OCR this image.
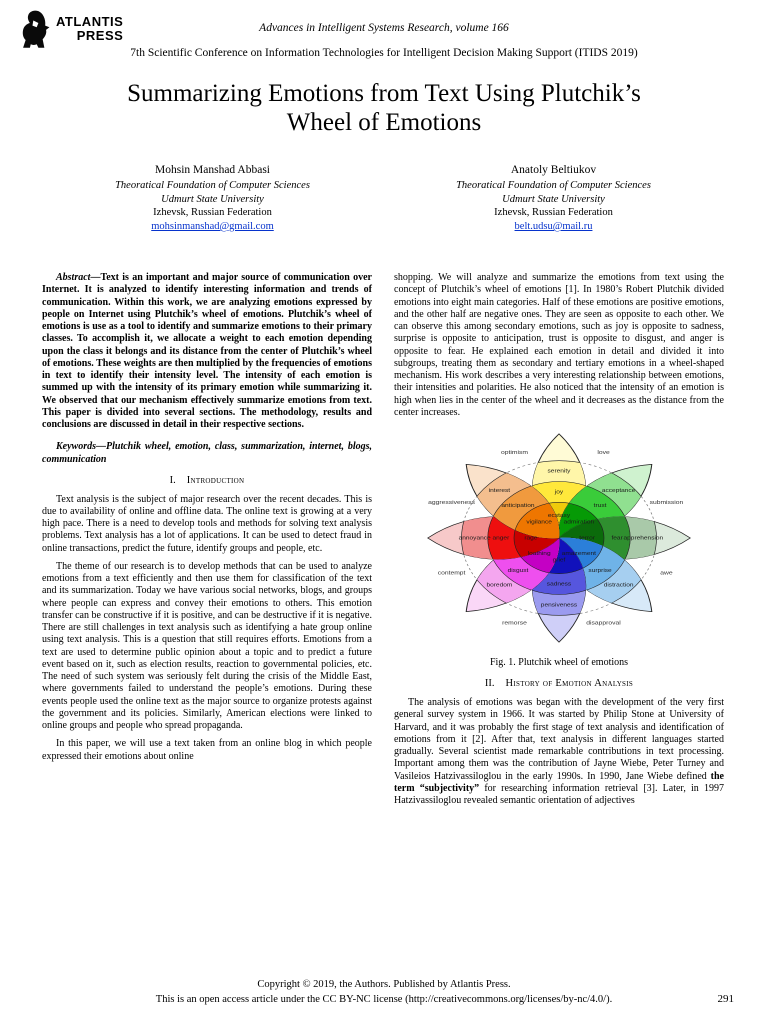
ATLANTIS
PRESS	Advances in Intelligent Systems Research, volume 166
7th Scientific Conference on Information Technologies for Intelligent Decision Making Support (ITIDS 2019)
Summarizing Emotions from Text Using Plutchik’s
Wheel of Emotions
Mohsin Manshad Abbasi
Theoratical Foundation of Computer Sciences
Udmurt State University
Izhevsk, Russian Federation
mohsinmanshad@gmail.com
Anatoly Beltiukov
Theoratical Foundation of Computer Sciences
Udmurt State University
Izhevsk, Russian Federation
belt.udsu@mail.ru

Abstract—Text is an important and major source of communication over Internet. It is analyzed to identify interesting information and trends of communication. Within this work, we are analyzing emotions expressed by people on Internet using Plutchik’s wheel of emotions. Plutchik’s wheel of emotions is use as a tool to identify and summarize emotions to their primary classes. To accomplish it, we allocate a weight to each emotion depending upon the class it belongs and its distance from the center of Plutchik’s wheel of emotions. These weights are then multiplied by the frequencies of emotions in text to identify their intensity level. The intensity of each emotion is summed up with the intensity of its primary emotion while summarizing it. We observed that our mechanism effectively summarize emotions from text. This paper is divided into several sections. The methodology, results and conclusions are discussed in detail in their respective sections.

Keywords—Plutchik wheel, emotion, class, summarization, internet, blogs, communication

I. Introduction

Text analysis is the subject of major research over the recent decades. This is due to availability of online and offline data. The online text is growing at a very high pace. There is a need to develop tools and methods for solving text analysis problems. Text analysis has a lot of applications. It can be used to detect fraud in online transactions, predict the future, identify groups and people, etc.

The theme of our research is to develop methods that can be used to analyze emotions from a text efficiently and then use them for classification of the text and its summarization. Today we have various social networks, blogs, and groups where people can express and convey their emotions to others. This emotion transfer can be constructive if it is positive, and can be destructive if it is negative. There are still challenges in text analysis such as identifying a hate group online using text analysis. This is a question that still requires efforts. Emotions from a text are used to determine public opinion about a topic and to predict a future event based on it, such as election results, reaction to governmental policies, etc. The need of such system was seriously felt during the crisis of the Middle East, where governments failed to understand the people’s emotions. During these events people used the online text as the major source to organize protests against the government and its policies. Similarly, American elections were linked to online groups and people who spread propaganda.

In this paper, we will use a text taken from an online blog in which people expressed their emotions about online

shopping. We will analyze and summarize the emotions from text using the concept of Plutchik’s wheel of emotions [1]. In 1980’s Robert Plutchik divided emotions into eight main categories. Half of these emotions are positive emotions, and the other half are negative ones. They are seen as opposite to each other. We can observe this among secondary emotions, such as joy is opposite to sadness, surprise is opposite to anticipation, trust is opposite to disgust, and anger is opposite to fear. He explained each emotion in detail and divided it into subgroups, treating them as secondary and tertiary emotions in a wheel-shaped mechanism. His work describes a very interesting relationship between emotions, their intensities and polarities. He also noticed that the intensity of an emotion is high when lies in the center of the wheel and it decreases as the distance from the center increases.

ecstasy
joy
serenity
admiration
trust
acceptance
terror fear apprehension
amazement
surprise
distraction
grief
sadness
pensiveness
loathing
disgust
boredom
rage
anger
annoyance
vigilance
anticipation
interest
love
submission
awe
disapproval
remorse
contempt
aggressiveness
optimism
Fig. 1. Plutchik wheel of emotions
II. History of Emotion Analysis

The analysis of emotions was began with the development of the very first general survey system in 1966. It was started by Philip Stone at University of Harvard, and it was probably the first stage of text analysis and identification of emotions from it [2]. After that, text analysis in different languages started gradually. Several scientist made remarkable contributions in text processing. Important among them was the contribution of Jayne Wiebe, Peter Turney and Vasileios Hatzivassiloglou in the early 1990s. In 1990, Jane Wiebe defined the term “subjectivity” for researching information retrieval [3]. Later, in 1997 Hatzivassiloglou revealed semantic orientation of adjectives

Copyright © 2019, the Authors. Published by Atlantis Press.
This is an open access article under the CC BY-NC license (http://creativecommons.org/licenses/by-nc/4.0/).	291
